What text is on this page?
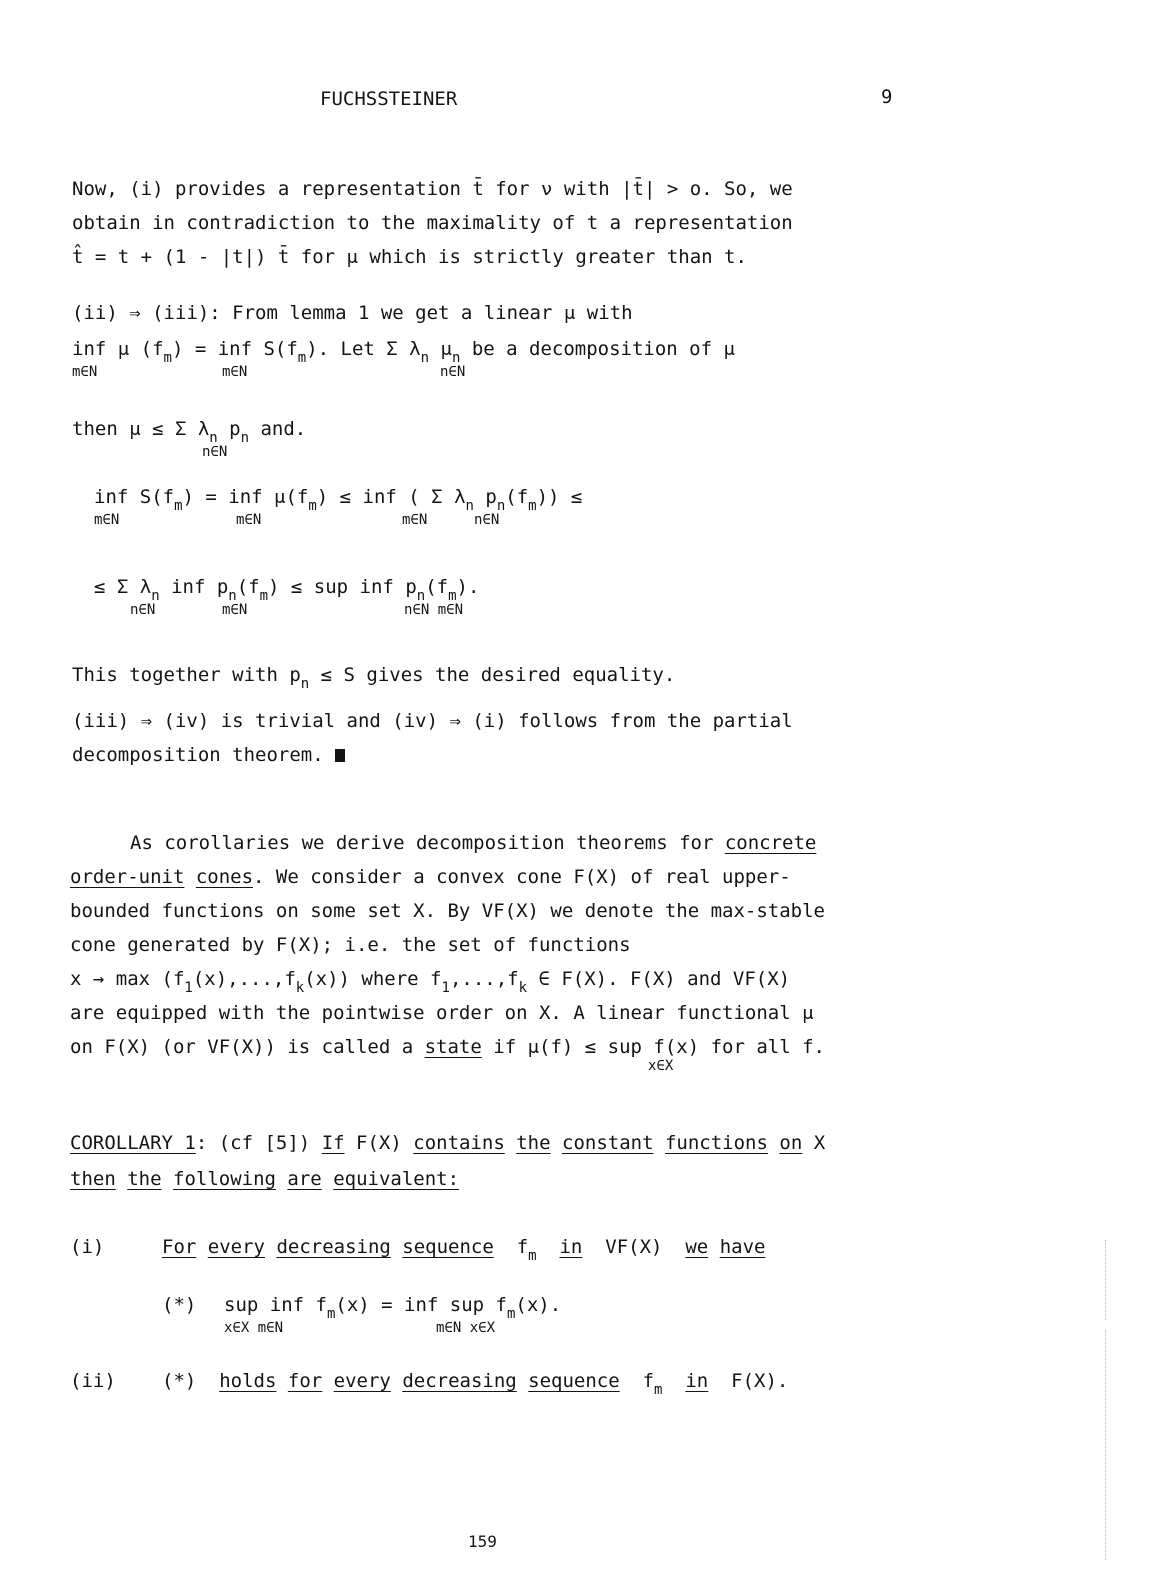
FUCHSSTEINER	9
Now, (i) provides a representation t̄ for ν with |t̄| > o. So, we
obtain in contradiction to the maximality of t a representation
t̂ = t + (1 - |t|) t̄ for μ which is strictly greater than t.
(ii) ⇒ (iii): From lemma 1 we get a linear μ with
inf μ $(f_m)$ = inf $S(f_m)$. Let Σ $\lambda_n$ $\mu_n$ be a decomposition of μ
m∈N	m∈N	n∈N
then μ ≤ Σ $\lambda_n$ $p_n$ and.
n∈N
inf $S(f_m)$ = inf $\mu(f_m)$ ≤ inf ( Σ $\lambda_n$ $p_n(f_m)$) ≤
m∈N	m∈N	m∈N	n∈N
≤ Σ $\lambda_n$ inf $p_n(f_m)$ ≤ sup inf $p_n(f_m)$.
n∈N	m∈N	n∈N m∈N
This together with $p_n \le S$ gives the desired equality.
(iii) ⇒ (iv) is trivial and (iv) ⇒ (i) follows from the partial
decomposition theorem.
As corollaries we derive decomposition theorems for concrete
order-unit cones. We consider a convex cone F(X) of real upper-
bounded functions on some set X. By VF(X) we denote the max-stable
cone generated by F(X); i.e. the set of functions
$x \to \max (f_1(x),...,f_k(x))$ where $f_1,...,f_k$ ∈ F(X). F(X) and VF(X)
are equipped with the pointwise order on X. A linear functional μ
on F(X) (or VF(X)) is called a state if μ(f) ≤ sup f(x) for all f.
x∈X
COROLLARY 1: (cf [5]) If F(X) contains the constant functions on X
then the following are equivalent:
(i)	For every decreasing sequence $f_m$ in VF(X) we have
(*) sup inf $f_m(x)$ = inf sup $f_m(x)$.
x∈X m∈N	m∈N x∈X
(ii) (*) holds for every decreasing sequence $f_m$ in F(X).
159
